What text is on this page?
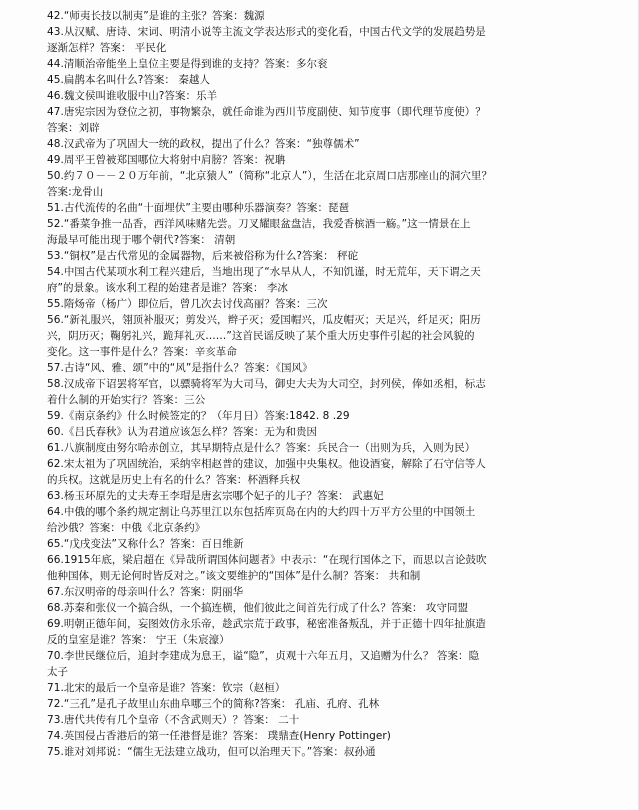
42.“师夷长技以制夷”是谁的主张？答案：魏源
43.从汉赋、唐诗、宋词、明清小说等主流文学表达形式的变化看，中国古代文学的发展趋势是
逐渐怎样？答案： 平民化
44.清顺治帝能坐上皇位主要是得到谁的支持？答案：多尔衮
45.扁鹊本名叫什么?答案： 秦越人
46.魏文侯叫谁收服中山?答案：乐羊
47.唐宪宗因为登位之初，事物繁杂，就任命谁为西川节度副使、知节度事（即代理节度使）？
答案：刘辟
48.汉武帝为了巩固大一统的政权，提出了什么？答案：“独尊儒术”
49.周平王曾被郑国哪位大将射中肩膀？答案：祝聃
50.约７０－－２０万年前，“北京猿人”（简称“北京人”），生活在北京周口店那座山的洞穴里？
答案:龙骨山
51.古代流传的名曲“十面埋伏”主要由哪种乐器演奏？答案：琵琶
52.“番菜争推一品香，西洋风味赌先尝。刀叉耀眼盆盘洁，我爱香槟酒一觞。”这一情景在上
海最早可能出现于哪个朝代?答案： 清朝
53.“铜权”是古代常见的金属器物，后来被俗称为什么?答案： 秤砣
54.中国古代某项水利工程兴建后，当地出现了“水旱从人，不知饥谨，时无荒年，天下谓之天
府”的景象。该水利工程的始建者是谁？答案： 李冰
55.隋炀帝（杨广）即位后，曾几次去讨伐高丽？答案：三次
56.“新礼服兴，翎顶补服灭；剪发兴，辫子灭；爱国帽兴，瓜皮帽灭；天足兴，纤足灭；阳历
兴，阴历灭；鞠躬礼兴，跪拜礼灭……”这首民谣反映了某个重大历史事件引起的社会风貌的
变化。这一事件是什么？答案：辛亥革命
57.古诗“风、雅、颂”中的“风”是指什么？答案：《国风》
58.汉成帝下诏罢将军官，以骠骑将军为大司马，御史大夫为大司空，封列侯，俸如丞相，标志
着什么制的开始实行？答案：三公
59.《南京条约》什么时候签定的？（年月日）答案:1842. 8 .29
60.《吕氏春秋》认为君道应该怎么样？答案：无为和贵因
61.八旗制度由努尔哈赤创立，其早期特点是什么？答案：兵民合一（出则为兵，入则为民）
62.宋太祖为了巩固统治，采纳宰相赵普的建议，加强中央集权。他设酒宴，解除了石守信等人
的兵权。这就是历史上有名的什么？答案：杯酒释兵权
63.杨玉环原先的丈夫寿王李瑁是唐玄宗哪个妃子的儿子？答案： 武惠妃
64.中俄的哪个条约规定割让乌苏里江以东包括库页岛在内的大约四十万平方公里的中国领土
给沙俄？答案：中俄《北京条约》
65.“戊戌变法”又称什么？答案：百日维新
66.1915年底，梁启超在《异哉所谓国体问题者》中表示：“在现行国体之下，而思以言论鼓吹
他种国体，则无论何时皆反对之。”该文要维护的“国体”是什么制？答案： 共和制
67.东汉明帝的母亲叫什么？答案：阴丽华
68.苏秦和张仪一个搞合纵，一个搞连横，他们彼此之间首先行成了什么？答案： 攻守同盟
69.明朝正德年间，妄图效仿永乐帝，趁武宗荒于政事，秘密准备叛乱，并于正德十四年扯旗造
反的皇室是谁？答案： 宁王（朱宸濠）
70.李世民继位后，追封李建成为息王，谥“隐”，贞观十六年五月，又追赠为什么？ 答案：隐
太子
71.北宋的最后一个皇帝是谁？答案：钦宗（赵桓）
72.“三孔”是孔子故里山东曲阜哪三个的简称?答案： 孔庙、孔府、孔林
73.唐代共传有几个皇帝（不含武则天）？答案： 二十
74.英国侵占香港后的第一任港督是谁？答案： 璞鼎查(Henry Pottinger)
75.谁对刘邦说：“儒生无法建立战功，但可以治理天下。”答案：叔孙通
